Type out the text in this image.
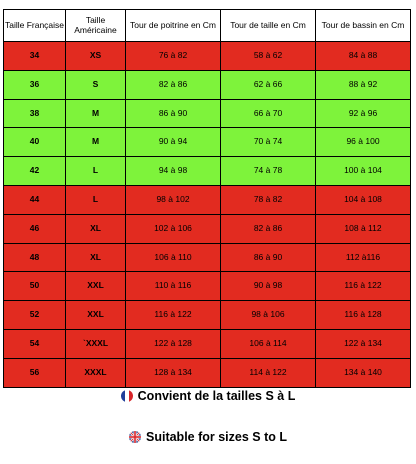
Taille Française	Taille Américaine	Tour de poitrine en Cm	Tour de taille en Cm	Tour de bassin en Cm
34	XS	76 à 82	58 à 62	84 à 88
36	S	82 à 86	62 à 66	88 à 92
38	M	86 à 90	66 à 70	92 à 96
40	M	90 à 94	70 à 74	96 à 100
42	L	94 à 98	74 à 78	100 à 104
44	L	98 à 102	78 à 82	104 à 108
46	XL	102 à 106	82 à 86	108 à 112
48	XL	106 à 110	86 à 90	112 à116
50	XXL	110 à 116	90 à 98	116 à 122
52	XXL	116 à 122	98 à 106	116 à 128
54	`XXXL	122 à 128	106 à 114	122 à 134
56	XXXL	128 à 134	114 à 122	134 à 140
Convient de la tailles S à L
Suitable for sizes S to L
